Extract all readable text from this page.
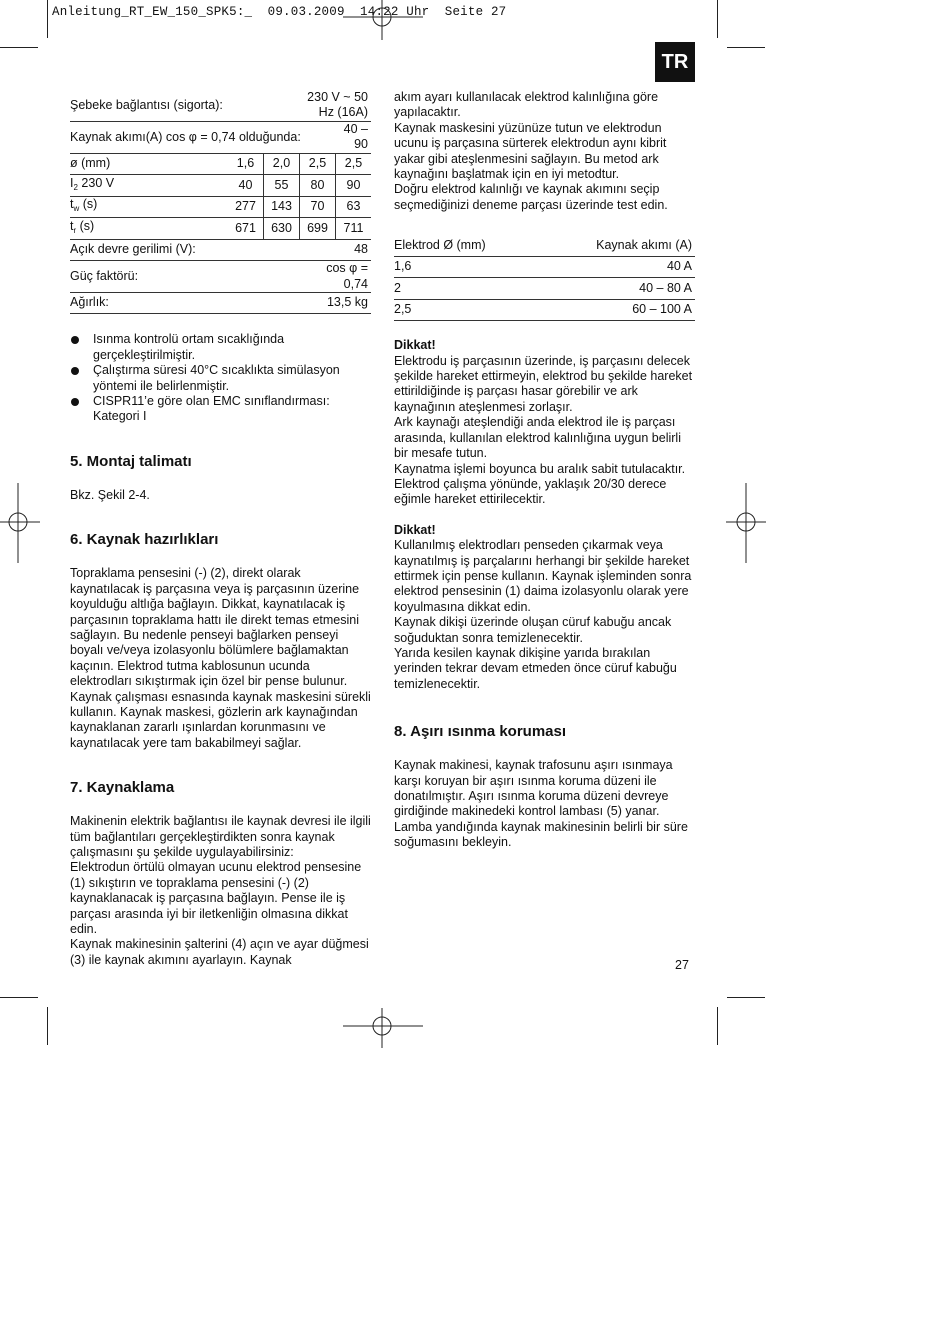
Anleitung_RT_EW_150_SPK5:_  09.03.2009  14:22 Uhr  Seite 27
TR
Şebeke bağlantısı (sigorta):			230 V ~ 50 Hz (16A)	
Kaynak akımı(A) cos φ = 0,74 olduğunda:				40 – 90
ø (mm)	1,6	2,0	2,5	2,5
$I_2$ 230 V	40	55	80	90
$t_w$ (s)	277	143	70	63
$t_r$ (s)	671	630	699	711
Açık devre gerilimi (V):				48
Güç faktörü:			cos φ = 0,74	
Ağırlık:			13,5 kg	
Isınma kontrolü ortam sıcaklığında gerçekleştirilmiştir.
Çalıştırma süresi 40°C sıcaklıkta simülasyon yöntemi ile belirlenmiştir.
CISPR11’e göre olan EMC sınıflandırması: Kategori I
5. Montaj talimatı

Bkz. Şekil 2-4.

6. Kaynak hazırlıkları

Topraklama pensesini (-) (2), direkt olarak kaynatılacak iş parçasına veya iş parçasının üzerine koyulduğu altlığa bağlayın. Dikkat, kaynatılacak iş parçasının topraklama hattı ile direkt temas etmesini sağlayın. Bu nedenle penseyi bağlarken penseyi boyalı ve/veya izolasyonlu bölümlere bağlamaktan kaçının. Elektrod tutma kablosunun ucunda elektrodları sıkıştırmak için özel bir pense bulunur. Kaynak çalışması esnasında kaynak maskesini sürekli kullanın. Kaynak maskesi, gözlerin ark kaynağından kaynaklanan zararlı ışınlardan korunmasını ve kaynatılacak yere tam bakabilmeyi sağlar.

7. Kaynaklama

Makinenin elektrik bağlantısı ile kaynak devresi ile ilgili tüm bağlantıları gerçekleştirdikten sonra kaynak çalışmasını şu şekilde uygulayabilirsiniz:

Elektrodun örtülü olmayan ucunu elektrod pensesine (1) sıkıştırın ve topraklama pensesini (-) (2) kaynaklanacak iş parçasına bağlayın. Pense ile iş parçası arasında iyi bir iletkenliğin olmasına dikkat edin.

Kaynak makinesinin şalterini (4) açın ve ayar düğmesi (3) ile kaynak akımını ayarlayın. Kaynak

akım ayarı kullanılacak elektrod kalınlığına göre yapılacaktır.

Kaynak maskesini yüzünüze tutun ve elektrodun ucunu iş parçasına sürterek elektrodun aynı kibrit yakar gibi ateşlenmesini sağlayın. Bu metod ark kaynağını başlatmak için en iyi metodtur.

Doğru elektrod kalınlığı ve kaynak akımını seçip seçmediğinizi deneme parçası üzerinde test edin.

Elektrod Ø (mm)	Kaynak akımı (A)
1,6	40 A
2	40 – 80 A
2,5	60 – 100 A

Dikkat!

Elektrodu iş parçasının üzerinde, iş parçasını delecek şekilde hareket ettirmeyin, elektrod bu şekilde hareket ettirildiğinde iş parçası hasar görebilir ve ark kaynağının ateşlenmesi zorlaşır.

Ark kaynağı ateşlendiği anda elektrod ile iş parçası arasında, kullanılan elektrod kalınlığına uygun belirli bir mesafe tutun.

Kaynatma işlemi boyunca bu aralık sabit tutulacaktır. Elektrod çalışma yönünde, yaklaşık 20/30 derece eğimle hareket ettirilecektir.

Dikkat!

Kullanılmış elektrodları penseden çıkarmak veya kaynatılmış iş parçalarını herhangi bir şekilde hareket ettirmek için pense kullanın. Kaynak işleminden sonra elektrod pensesinin (1) daima izolasyonlu olarak yere koyulmasına dikkat edin.

Kaynak dikişi üzerinde oluşan cüruf kabuğu ancak soğuduktan sonra temizlenecektir.

Yarıda kesilen kaynak dikişine yarıda bırakılan yerinden tekrar devam etmeden önce cüruf kabuğu temizlenecektir.

8. Aşırı ısınma koruması

Kaynak makinesi, kaynak trafosunu aşırı ısınmaya karşı koruyan bir aşırı ısınma koruma düzeni ile donatılmıştır. Aşırı ısınma koruma düzeni devreye girdiğinde makinedeki kontrol lambası (5) yanar. Lamba yandığında kaynak makinesinin belirli bir süre soğumasını bekleyin.

27
